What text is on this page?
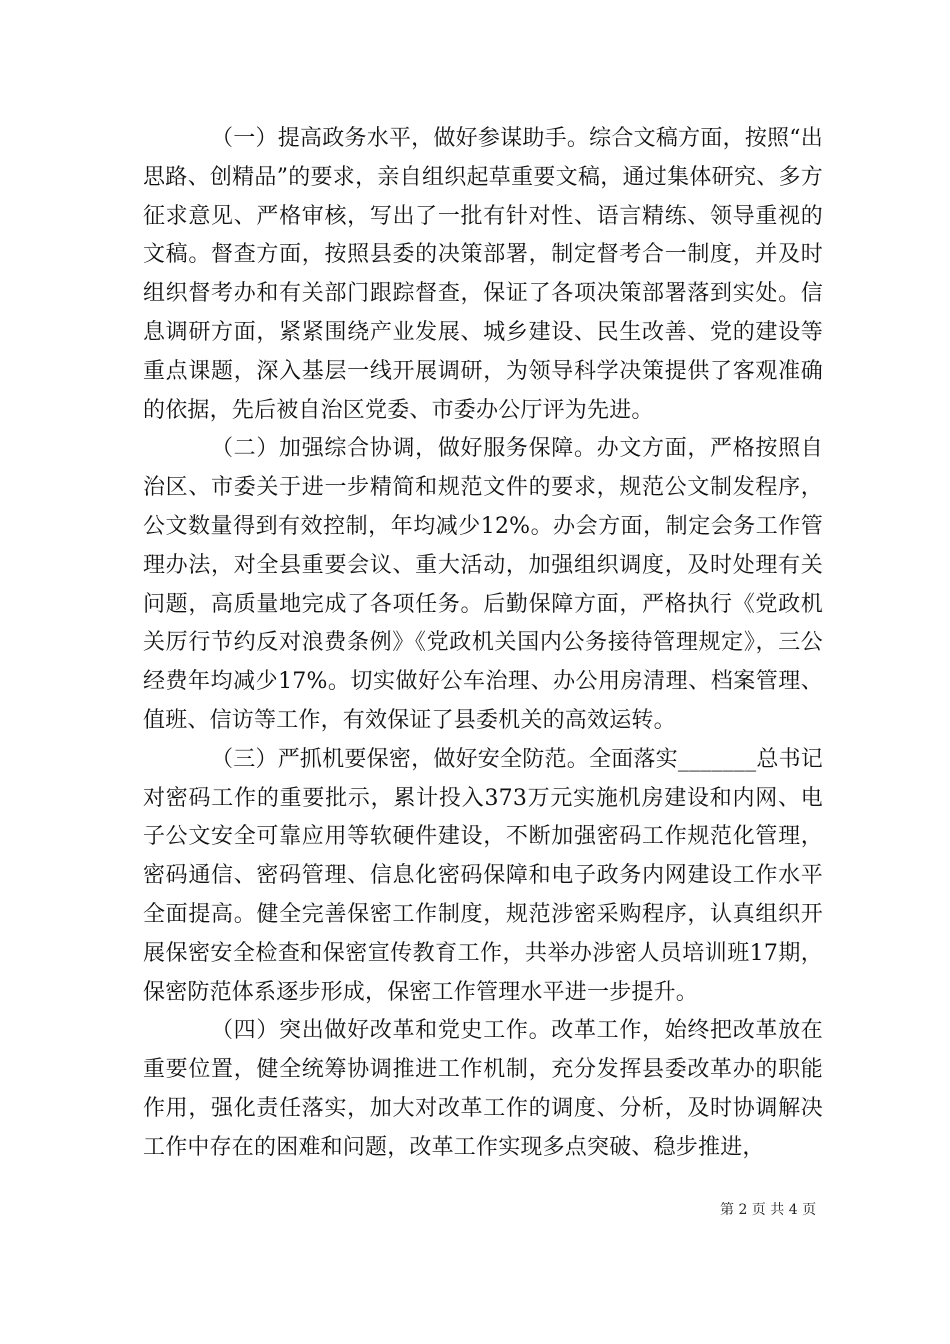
（一）提高政务水平，做好参谋助手。综合文稿方面，按照“出思路、创精品”的要求，亲自组织起草重要文稿，通过集体研究、多方征求意见、严格审核，写出了一批有针对性、语言精练、领导重视的文稿。督查方面，按照县委的决策部署，制定督考合一制度，并及时组织督考办和有关部门跟踪督查，保证了各项决策部署落到实处。信息调研方面，紧紧围绕产业发展、城乡建设、民生改善、党的建设等重点课题，深入基层一线开展调研，为领导科学决策提供了客观准确的依据，先后被自治区党委、市委办公厅评为先进。

（二）加强综合协调，做好服务保障。办文方面，严格按照自治区、市委关于进一步精简和规范文件的要求，规范公文制发程序，公文数量得到有效控制，年均减少12%。办会方面，制定会务工作管理办法，对全县重要会议、重大活动，加强组织调度，及时处理有关问题，高质量地完成了各项任务。后勤保障方面，严格执行《党政机关厉行节约反对浪费条例》《党政机关国内公务接待管理规定》，三公经费年均减少17%。切实做好公车治理、办公用房清理、档案管理、值班、信访等工作，有效保证了县委机关的高效运转。

（三）严抓机要保密，做好安全防范。全面落实_______总书记对密码工作的重要批示，累计投入373万元实施机房建设和内网、电子公文安全可靠应用等软硬件建设，不断加强密码工作规范化管理，密码通信、密码管理、信息化密码保障和电子政务内网建设工作水平全面提高。健全完善保密工作制度，规范涉密采购程序，认真组织开展保密安全检查和保密宣传教育工作，共举办涉密人员培训班17期，保密防范体系逐步形成，保密工作管理水平进一步提升。

（四）突出做好改革和党史工作。改革工作，始终把改革放在重要位置，健全统筹协调推进工作机制，充分发挥县委改革办的职能作用，强化责任落实，加大对改革工作的调度、分析，及时协调解决工作中存在的困难和问题，改革工作实现多点突破、稳步推进，

第 2 页 共 4 页
